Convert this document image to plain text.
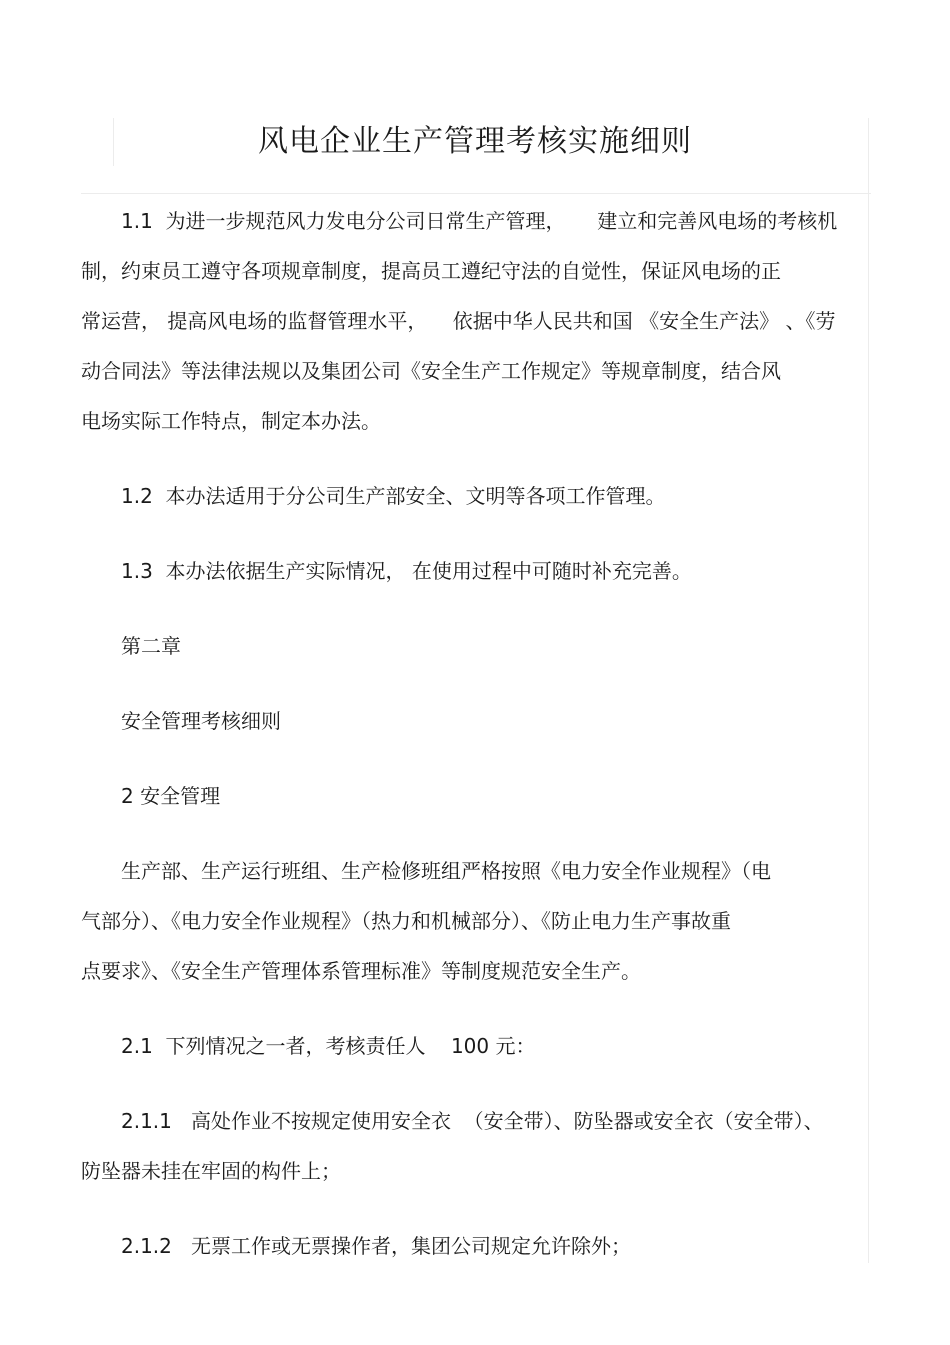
风电企业生产管理考核实施细则

1.1  为进一步规范风力发电分公司日常生产管理，     建立和完善风电场的考核机
制，约束员工遵守各项规章制度，提高员工遵纪守法的自觉性，保证风电场的正
常运营， 提高风电场的监督管理水平，    依据中华人民共和国 《安全生产法》 、《劳
动合同法》等法律法规以及集团公司《安全生产工作规定》等规章制度，结合风
电场实际工作特点，制定本办法。

1.2  本办法适用于分公司生产部安全、文明等各项工作管理。

1.3  本办法依据生产实际情况， 在使用过程中可随时补充完善。

第二章

安全管理考核细则

2 安全管理

生产部、生产运行班组、生产检修班组严格按照《电力安全作业规程》（电
气部分）、《电力安全作业规程》（热力和机械部分）、《防止电力生产事故重
点要求》、《安全生产管理体系管理标准》等制度规范安全生产。

2.1  下列情况之一者，考核责任人    100 元：

2.1.1   高处作业不按规定使用安全衣  （安全带）、防坠器或安全衣（安全带）、
防坠器未挂在牢固的构件上；

2.1.2   无票工作或无票操作者，集团公司规定允许除外；
